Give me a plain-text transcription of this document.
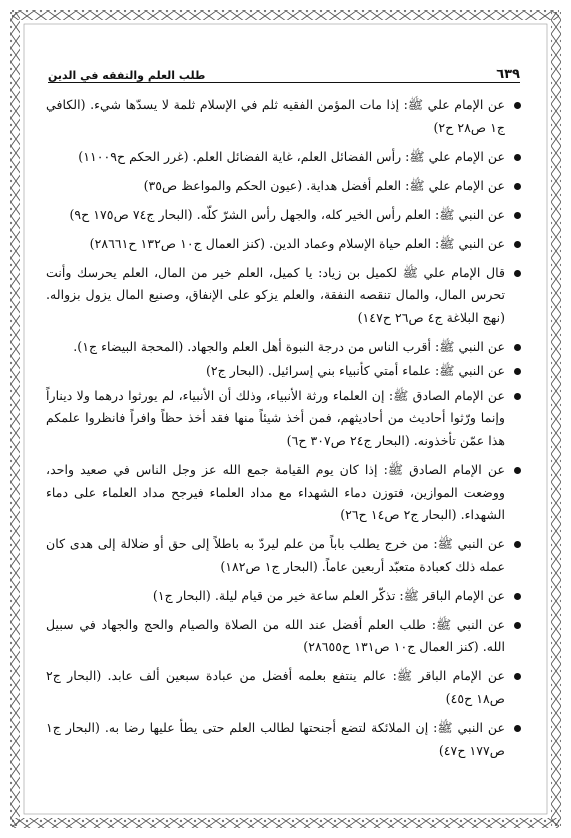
٦٣٩
طلب العلم والتفقه في الدين
عن الإمام علي ﷺ: إذا مات المؤمن الفقيه ثلم في الإسلام ثلمة لا يسدّها شيء. (الكافي ج١ ص٢٨ ح٢)
عن الإمام علي ﷺ: رأس الفضائل العلم، غاية الفضائل العلم. (غرر الحكم ح١١٠٠٩)
عن الإمام علي ﷺ: العلم أفضل هداية. (عيون الحكم والمواعظ ص٣٥)
عن النبي ﷺ: العلم رأس الخير كله، والجهل رأس الشرّ كلّه. (البحار ج٧٤ ص١٧٥ ح٩)
عن النبي ﷺ: العلم حياة الإسلام وعماد الدين. (كنز العمال ج١٠ ص١٣٢ ح٢٨٦٦١)
قال الإمام علي ﷺ لكميل بن زياد: يا كميل، العلم خير من المال، العلم يحرسك وأنت تحرس المال، والمال تنقصه النفقة، والعلم يزكو على الإنفاق، وصنيع المال يزول بزواله. (نهج البلاغة ج٤ ص٢٦ ح١٤٧)
عن النبي ﷺ: أقرب الناس من درجة النبوة أهل العلم والجهاد. (المحجة البيضاء ج١).
عن النبي ﷺ: علماء أمتي كأنبياء بني إسرائيل. (البحار ج٢)
عن الإمام الصادق ﷺ: إن العلماء ورثة الأنبياء، وذلك أن الأنبياء، لم يورثوا درهما ولا ديناراً وإنما ورّثوا أحاديث من أحاديثهم، فمن أخذ شيئاً منها فقد أخذ حظاً وافراً فانظروا علمكم هذا عمّن تأخذونه. (البحار ج٢٤ ص٣٠٧ ح٦)
عن الإمام الصادق ﷺ: إذا كان يوم القيامة جمع الله عز وجل الناس في صعيد واحد، ووضعت الموازين، فتوزن دماء الشهداء مع مداد العلماء فيرجح مداد العلماء على دماء الشهداء. (البحار ج٢ ص١٤ ح٢٦)
عن النبي ﷺ: من خرج يطلب باباً من علم ليردّ به باطلاً إلى حق أو ضلالة إلى هدى كان عمله ذلك كعبادة متعبّد أربعين عاماً. (البحار ج١ ص١٨٢)
عن الإمام الباقر ﷺ: تذكّر العلم ساعة خير من قيام ليلة. (البحار ج١)
عن النبي ﷺ: طلب العلم أفضل عند الله من الصلاة والصيام والحج والجهاد في سبيل الله. (كنز العمال ج١٠ ص١٣١ ح٢٨٦٥٥)
عن الإمام الباقر ﷺ: عالم ينتفع بعلمه أفضل من عبادة سبعين ألف عابد. (البحار ج٢ ص١٨ ح٤٥)
عن النبي ﷺ: إن الملائكة لتضع أجنحتها لطالب العلم حتى يطأ عليها رضا به. (البحار ج١ ص١٧٧ ح٤٧)
